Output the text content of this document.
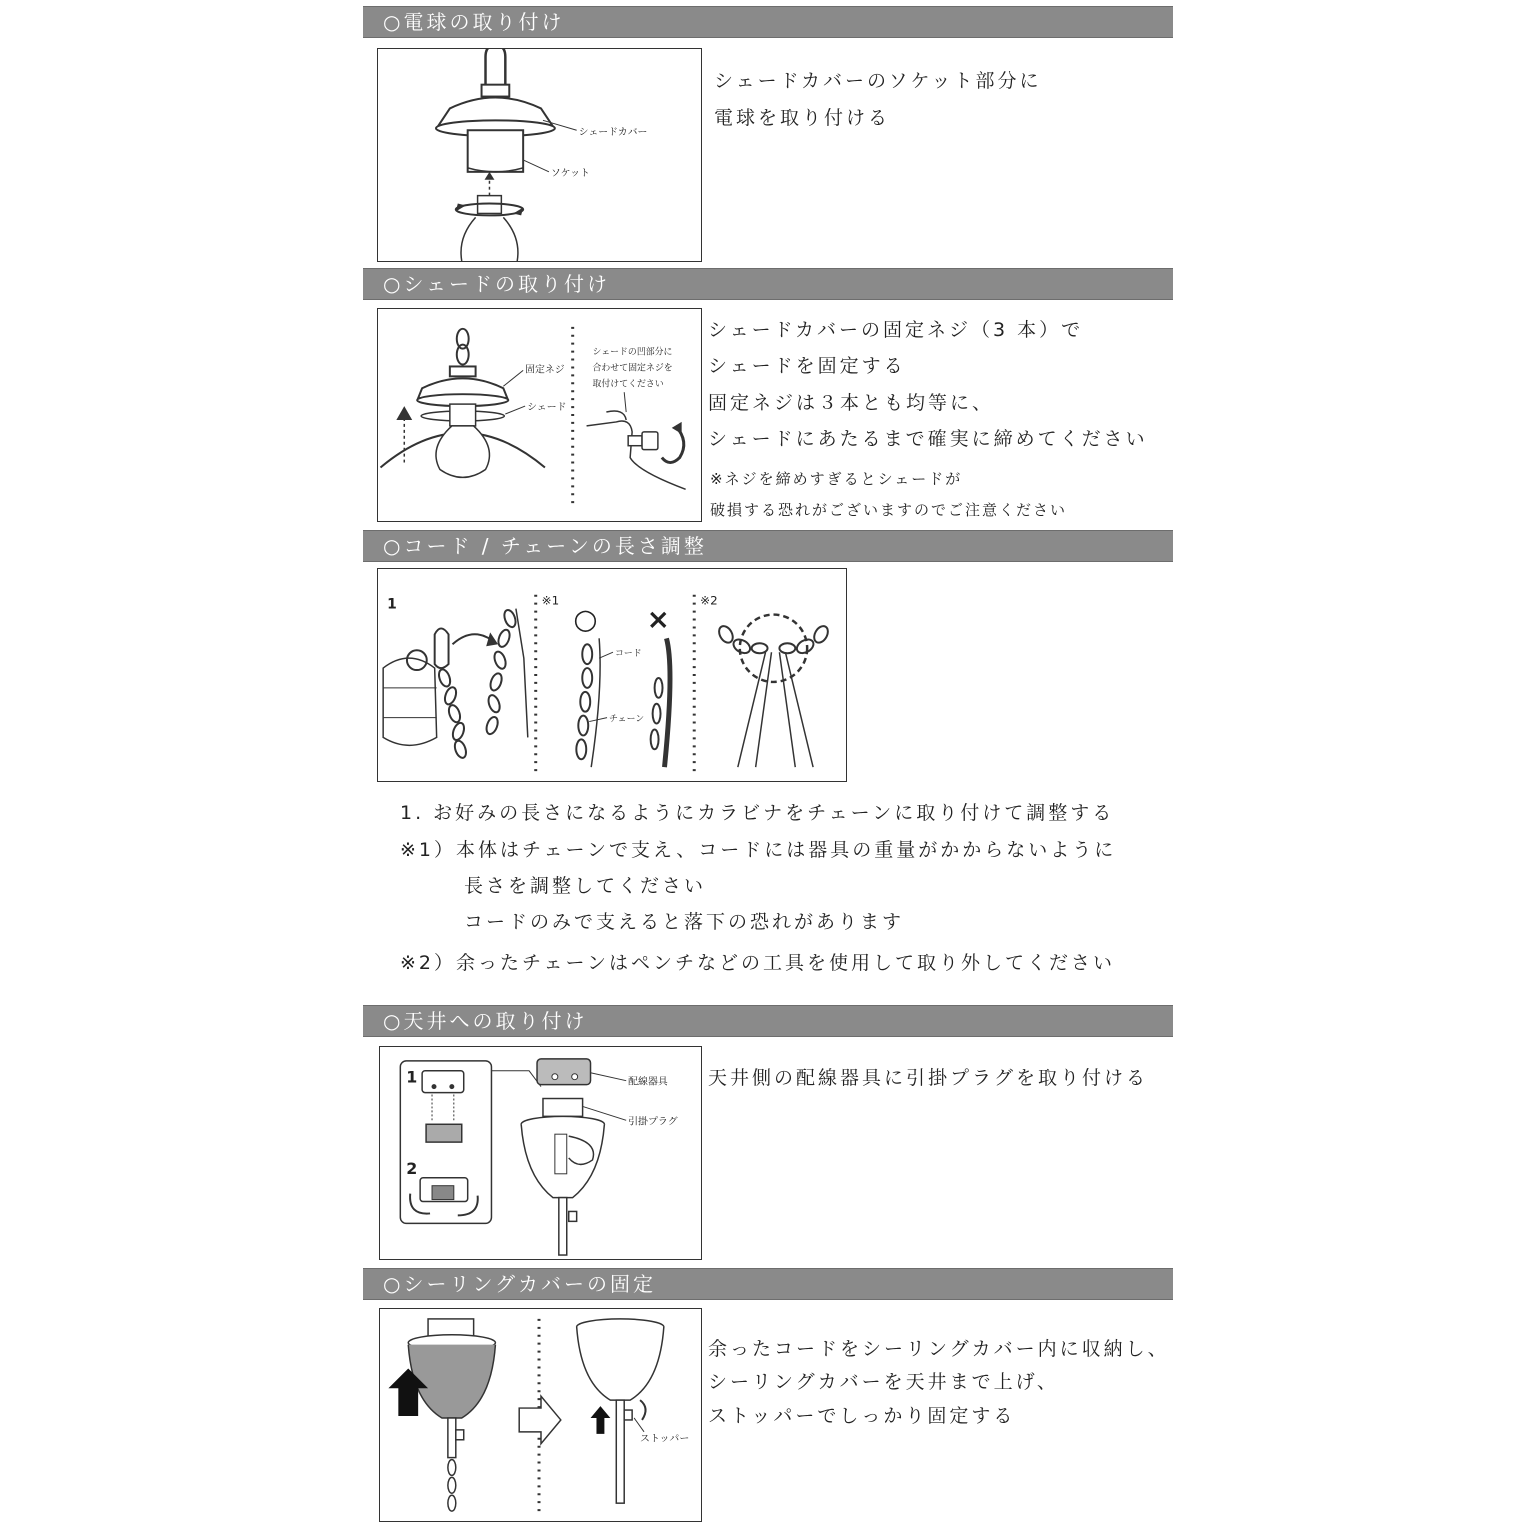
○電球の取り付け
シェードカバー
ソケット
シェードカバーのソケット部分に
電球を取り付ける
○シェードの取り付け
固定ネジ
シェード
シェードの凹部分に
合わせて固定ネジを
取付けてください
シェードカバーの固定ネジ（3 本）で
シェードを固定する
固定ネジは３本とも均等に、
シェードにあたるまで確実に締めてください
※ネジを締めすぎるとシェードが
破損する恐れがございますのでご注意ください
○コード / チェーンの長さ調整
1	※1
○ ×
コード
チェーン
※2
1. お好みの長さになるようにカラビナをチェーンに取り付けて調整する
※1）本体はチェーンで支え、コードには器具の重量がかからないように
長さを調整してください
コードのみで支えると落下の恐れがあります
※2）余ったチェーンはペンチなどの工具を使用して取り外してください
○天井への取り付け
1
2
配線器具
引掛プラグ
天井側の配線器具に引掛プラグを取り付ける
○シーリングカバーの固定
ストッパー
余ったコードをシーリングカバー内に収納し、
シーリングカバーを天井まで上げ、
ストッパーでしっかり固定する
